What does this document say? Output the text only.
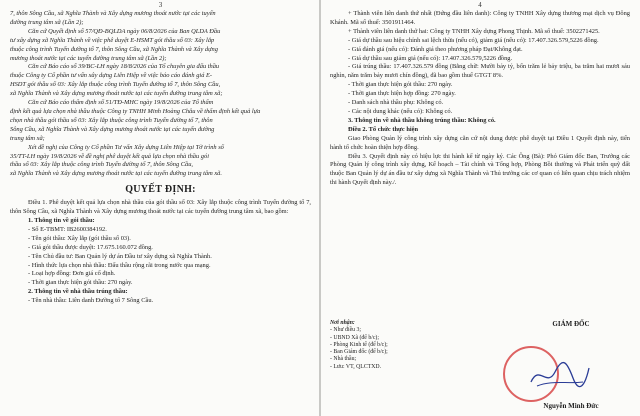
3

7, thôn Sông Cầu, xã Nghĩa Thành và Xây dựng mương thoát nước tại các tuyến

đường trung tâm xã (Lần 2);

Căn cứ Quyết định số 57/QĐ-BQLDA ngày 06/8/2026 của Ban QLDA Đầu

tư xây dựng xã Nghĩa Thành về việc phê duyệt E-HSMT gói thầu số 03: Xây lắp

thuộc công trình Tuyến đường tổ 7, thôn Sông Cầu, xã Nghĩa Thành và Xây dựng

mương thoát nước tại các tuyến đường trung tâm xã (Lần 2);

Căn cứ Báo cáo số 39/BC-LH ngày 18/8/2026 của Tổ chuyên gia đấu thầu

thuộc Công ty Cổ phần tư vấn xây dựng Liên Hiệp về việc báo cáo đánh giá E-

HSDT gói thầu số 03: Xây lắp thuộc công trình Tuyến đường tổ 7, thôn Sông Cầu,

xã Nghĩa Thành và Xây dựng mương thoát nước tại các tuyến đường trung tâm xã;

Căn cứ Báo cáo thẩm định số 51/TĐ-MHC ngày 19/8/2026 của Tổ thẩm

định kết quả lựa chọn nhà thầu thuộc Công ty TNHH Minh Hoàng Châu về thẩm định kết quả lựa

chọn nhà thầu gói thầu số 03: Xây lắp thuộc công trình Tuyến đường tổ 7, thôn

Sông Cầu, xã Nghĩa Thành và Xây dựng mương thoát nước tại các tuyến đường

trung tâm xã;

Xét đề nghị của Công ty Cổ phần Tư vấn Xây dựng Liên Hiệp tại Tờ trình số

35/TT-LH ngày 19/8/2026 về đề nghị phê duyệt kết quả lựa chọn nhà thầu gói

thầu số 03: Xây lắp thuộc công trình Tuyến đường tổ 7, thôn Sông Cầu,

xã Nghĩa Thành và Xây dựng mương thoát nước tại các tuyến đường trung tâm xã.

QUYẾT ĐỊNH:

Điều 1. Phê duyệt kết quả lựa chọn nhà thầu của gói thầu số 03: Xây lắp thuộc công trình Tuyến đường tổ 7, thôn Sông Cầu, xã Nghĩa Thành và Xây dựng mương thoát nước tại các tuyến đường trung tâm xã, bao gồm:

1. Thông tin về gói thầu:

- Số E-TBMT: IB2600384192.

- Tên gói thầu: Xây lắp (gói thầu số 03).

- Giá gói thầu được duyệt: 17.675.160.072 đồng.

- Tên Chủ đầu tư: Ban Quản lý dự án Đầu tư xây dựng xã Nghĩa Thành.

- Hình thức lựa chọn nhà thầu: Đấu thầu rộng rãi trong nước qua mạng.

- Loại hợp đồng: Đơn giá cố định.

- Thời gian thực hiện gói thầu: 270 ngày.

2. Thông tin về nhà thầu trúng thầu:

- Tên nhà thầu: Liên danh Đường tổ 7 Sông Cầu.

4

+ Thành viên liên danh thứ nhất (Đứng đầu liên danh): Công ty TNHH Xây dựng thương mại dịch vụ Đông Khánh. Mã số thuế: 3501911464.

+ Thành viên liên danh thứ hai: Công ty TNHH Xây dựng Phong Thịnh. Mã số thuế: 3502271425.

- Giá dự thầu sau hiệu chỉnh sai lệch thừa (nếu có), giảm giá (nếu có): 17.407.326.579,5226 đồng.

- Giá đánh giá (nếu có): Đánh giá theo phương pháp Đạt/Không đạt.

- Giá dự thầu sau giảm giá (nếu có): 17.407.326.579,5226 đồng.

- Giá trúng thầu: 17.407.326.579 đồng (Bằng chữ: Mười bảy tỷ, bốn trăm lẻ bảy triệu, ba trăm hai mươi sáu nghìn, năm trăm bảy mươi chín đồng), đã bao gồm thuế GTGT 8%.

- Thời gian thực hiện gói thầu: 270 ngày.

- Thời gian thực hiện hợp đồng: 270 ngày.

- Danh sách nhà thầu phụ: Không có.

- Các nội dung khác (nếu có): Không có.

3. Thông tin về nhà thầu không trúng thầu: Không có.

Điều 2. Tổ chức thực hiện

Giao Phòng Quản lý công trình xây dựng căn cứ nội dung được phê duyệt tại Điều 1 Quyết định này, tiến hành tổ chức hoàn thiện hợp đồng.

Điều 3. Quyết định này có hiệu lực thi hành kể từ ngày ký. Các Ông (Bà): Phó Giám đốc Ban, Trưởng các Phòng Quản lý công trình xây dựng, Kế hoạch – Tài chính và Tổng hợp, Phòng Bồi thường và Phát triển quỹ đất thuộc Ban Quản lý dự án đầu tư xây dựng xã Nghĩa Thành và Thủ trưởng các cơ quan có liên quan chịu trách nhiệm thi hành Quyết định này./.

Nơi nhận:

- Như điều 3;

- UBND Xã (để b/c);

- Phòng Kinh tế (để b/c);

- Ban Giám đốc (để b/c);

- Nhà thầu;

- Lưu: VT, QLCTXD.

GIÁM ĐỐC
Nguyễn Minh Đức
